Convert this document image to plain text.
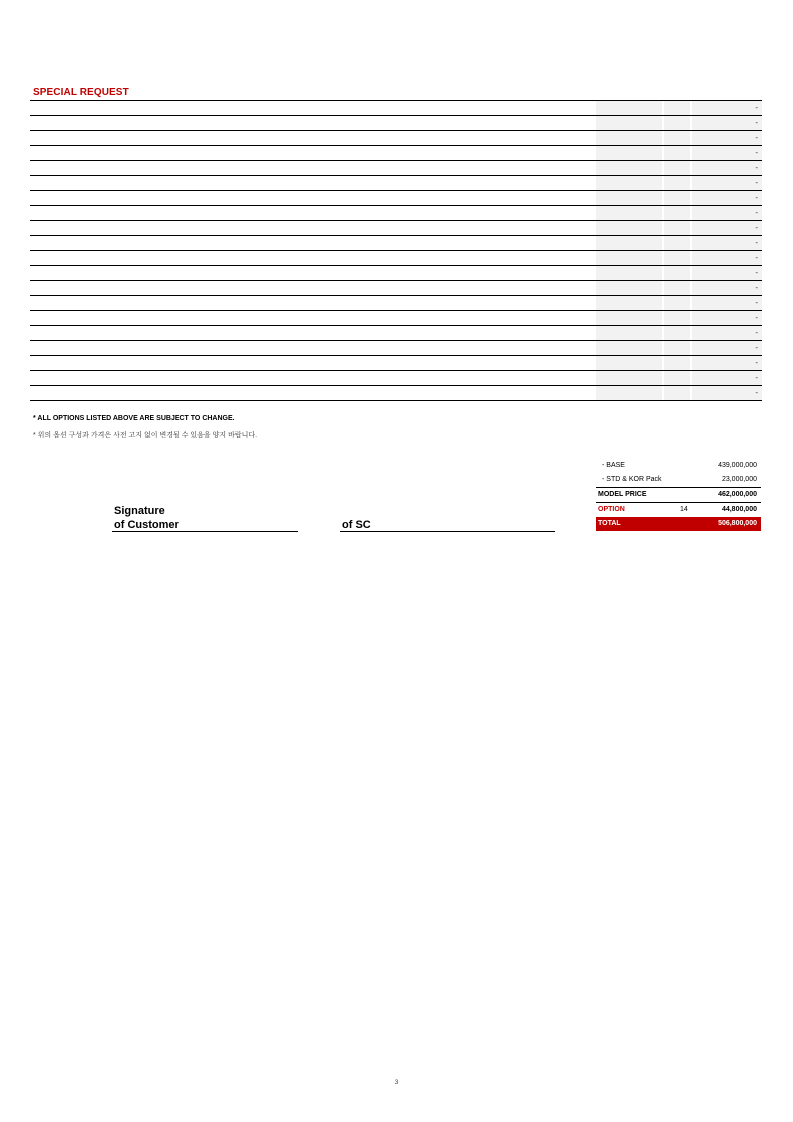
SPECIAL REQUEST
-
-
-
-
-
-
-
-
-
-
-
-
-
-
-
-
-
-
-
-
* ALL OPTIONS LISTED ABOVE ARE SUBJECT TO CHANGE.
* 위의 옵션 구성과 가격은 사전 고지 없이 변경될 수 있음을 양지 바랍니다.
Signature
of Customer	of SC
- BASE	439,000,000
- STD & KOR Pack	23,000,000
MODEL PRICE	462,000,000
OPTION	14	44,800,000
TOTAL	506,800,000
3
